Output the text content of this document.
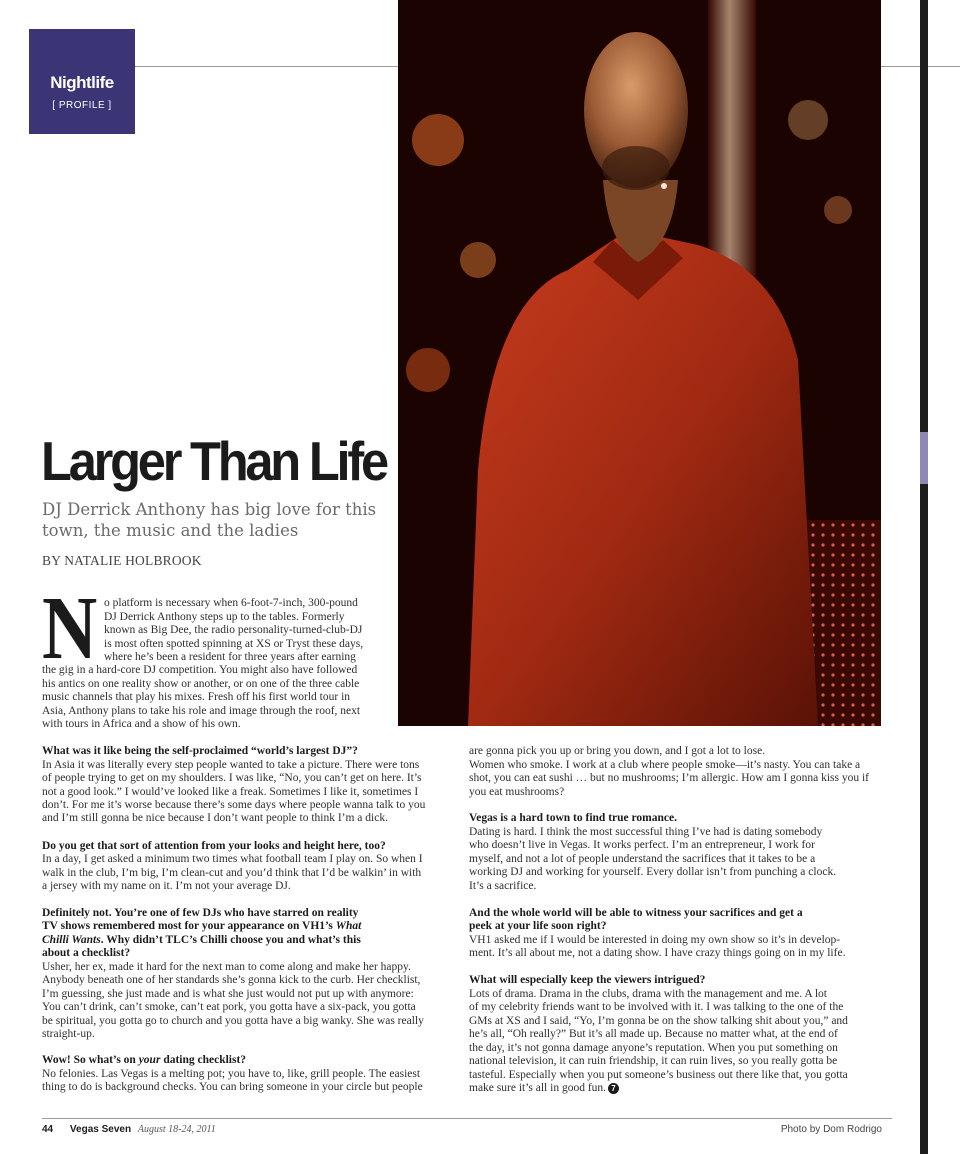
Nightlife
[ PROFILE ]
Larger Than Life
DJ Derrick Anthony has big love for this town, the music and the ladies
BY NATALIE HOLBROOK
N o platform is necessary when 6-foot-7-inch, 300-pound
DJ Derrick Anthony steps up to the tables. Formerly
known as Big Dee, the radio personality-turned-club-DJ
is most often spotted spinning at XS or Tryst these days,
where he’s been a resident for three years after earning
the gig in a hard-core DJ competition. You might also have followed
his antics on one reality show or another, or on one of the three cable
music channels that play his mixes. Fresh off his first world tour in
Asia, Anthony plans to take his role and image through the roof, next
with tours in Africa and a show of his own.
What was it like being the self-proclaimed “world’s largest DJ”?
In Asia it was literally every step people wanted to take a picture. There were tons
of people trying to get on my shoulders. I was like, “No, you can’t get on here. It’s
not a good look.” I would’ve looked like a freak. Sometimes I like it, sometimes I
don’t. For me it’s worse because there’s some days where people wanna talk to you
and I’m still gonna be nice because I don’t want people to think I’m a dick.
Do you get that sort of attention from your looks and height here, too?
In a day, I get asked a minimum two times what football team I play on. So when I
walk in the club, I’m big, I’m clean-cut and you’d think that I’d be walkin’ in with
a jersey with my name on it. I’m not your average DJ.
Definitely not. You’re one of few DJs who have starred on reality
TV shows remembered most for your appearance on VH1’s What
Chilli Wants. Why didn’t TLC’s Chilli choose you and what’s this
about a checklist?
Usher, her ex, made it hard for the next man to come along and make her happy.
Anybody beneath one of her standards she’s gonna kick to the curb. Her checklist,
I’m guessing, she just made and is what she just would not put up with anymore:
You can’t drink, can’t smoke, can’t eat pork, you gotta have a six-pack, you gotta
be spiritual, you gotta go to church and you gotta have a big wanky. She was really
straight-up.
Wow! So what’s on your dating checklist?
No felonies. Las Vegas is a melting pot; you have to, like, grill people. The easiest
thing to do is background checks. You can bring someone in your circle but people
are gonna pick you up or bring you down, and I got a lot to lose.
Women who smoke. I work at a club where people smoke—it’s nasty. You can take a
shot, you can eat sushi … but no mushrooms; I’m allergic. How am I gonna kiss you if
you eat mushrooms?
Vegas is a hard town to find true romance.
Dating is hard. I think the most successful thing I’ve had is dating somebody
who doesn’t live in Vegas. It works perfect. I’m an entrepreneur, I work for
myself, and not a lot of people understand the sacrifices that it takes to be a
working DJ and working for yourself. Every dollar isn’t from punching a clock.
It’s a sacrifice.
And the whole world will be able to witness your sacrifices and get a
peek at your life soon right?
VH1 asked me if I would be interested in doing my own show so it’s in develop-
ment. It’s all about me, not a dating show. I have crazy things going on in my life.
What will especially keep the viewers intrigued?
Lots of drama. Drama in the clubs, drama with the management and me. A lot
of my celebrity friends want to be involved with it. I was talking to the one of the
GMs at XS and I said, “Yo, I’m gonna be on the show talking shit about you,” and
he’s all, “Oh really?” But it’s all made up. Because no matter what, at the end of
the day, it’s not gonna damage anyone’s reputation. When you put something on
national television, it can ruin friendship, it can ruin lives, so you really gotta be
tasteful. Especially when you put someone’s business out there like that, you gotta
make sure it’s all in good fun. 7
44 Vegas Seven August 18-24, 2011	Photo by Dom Rodrigo
